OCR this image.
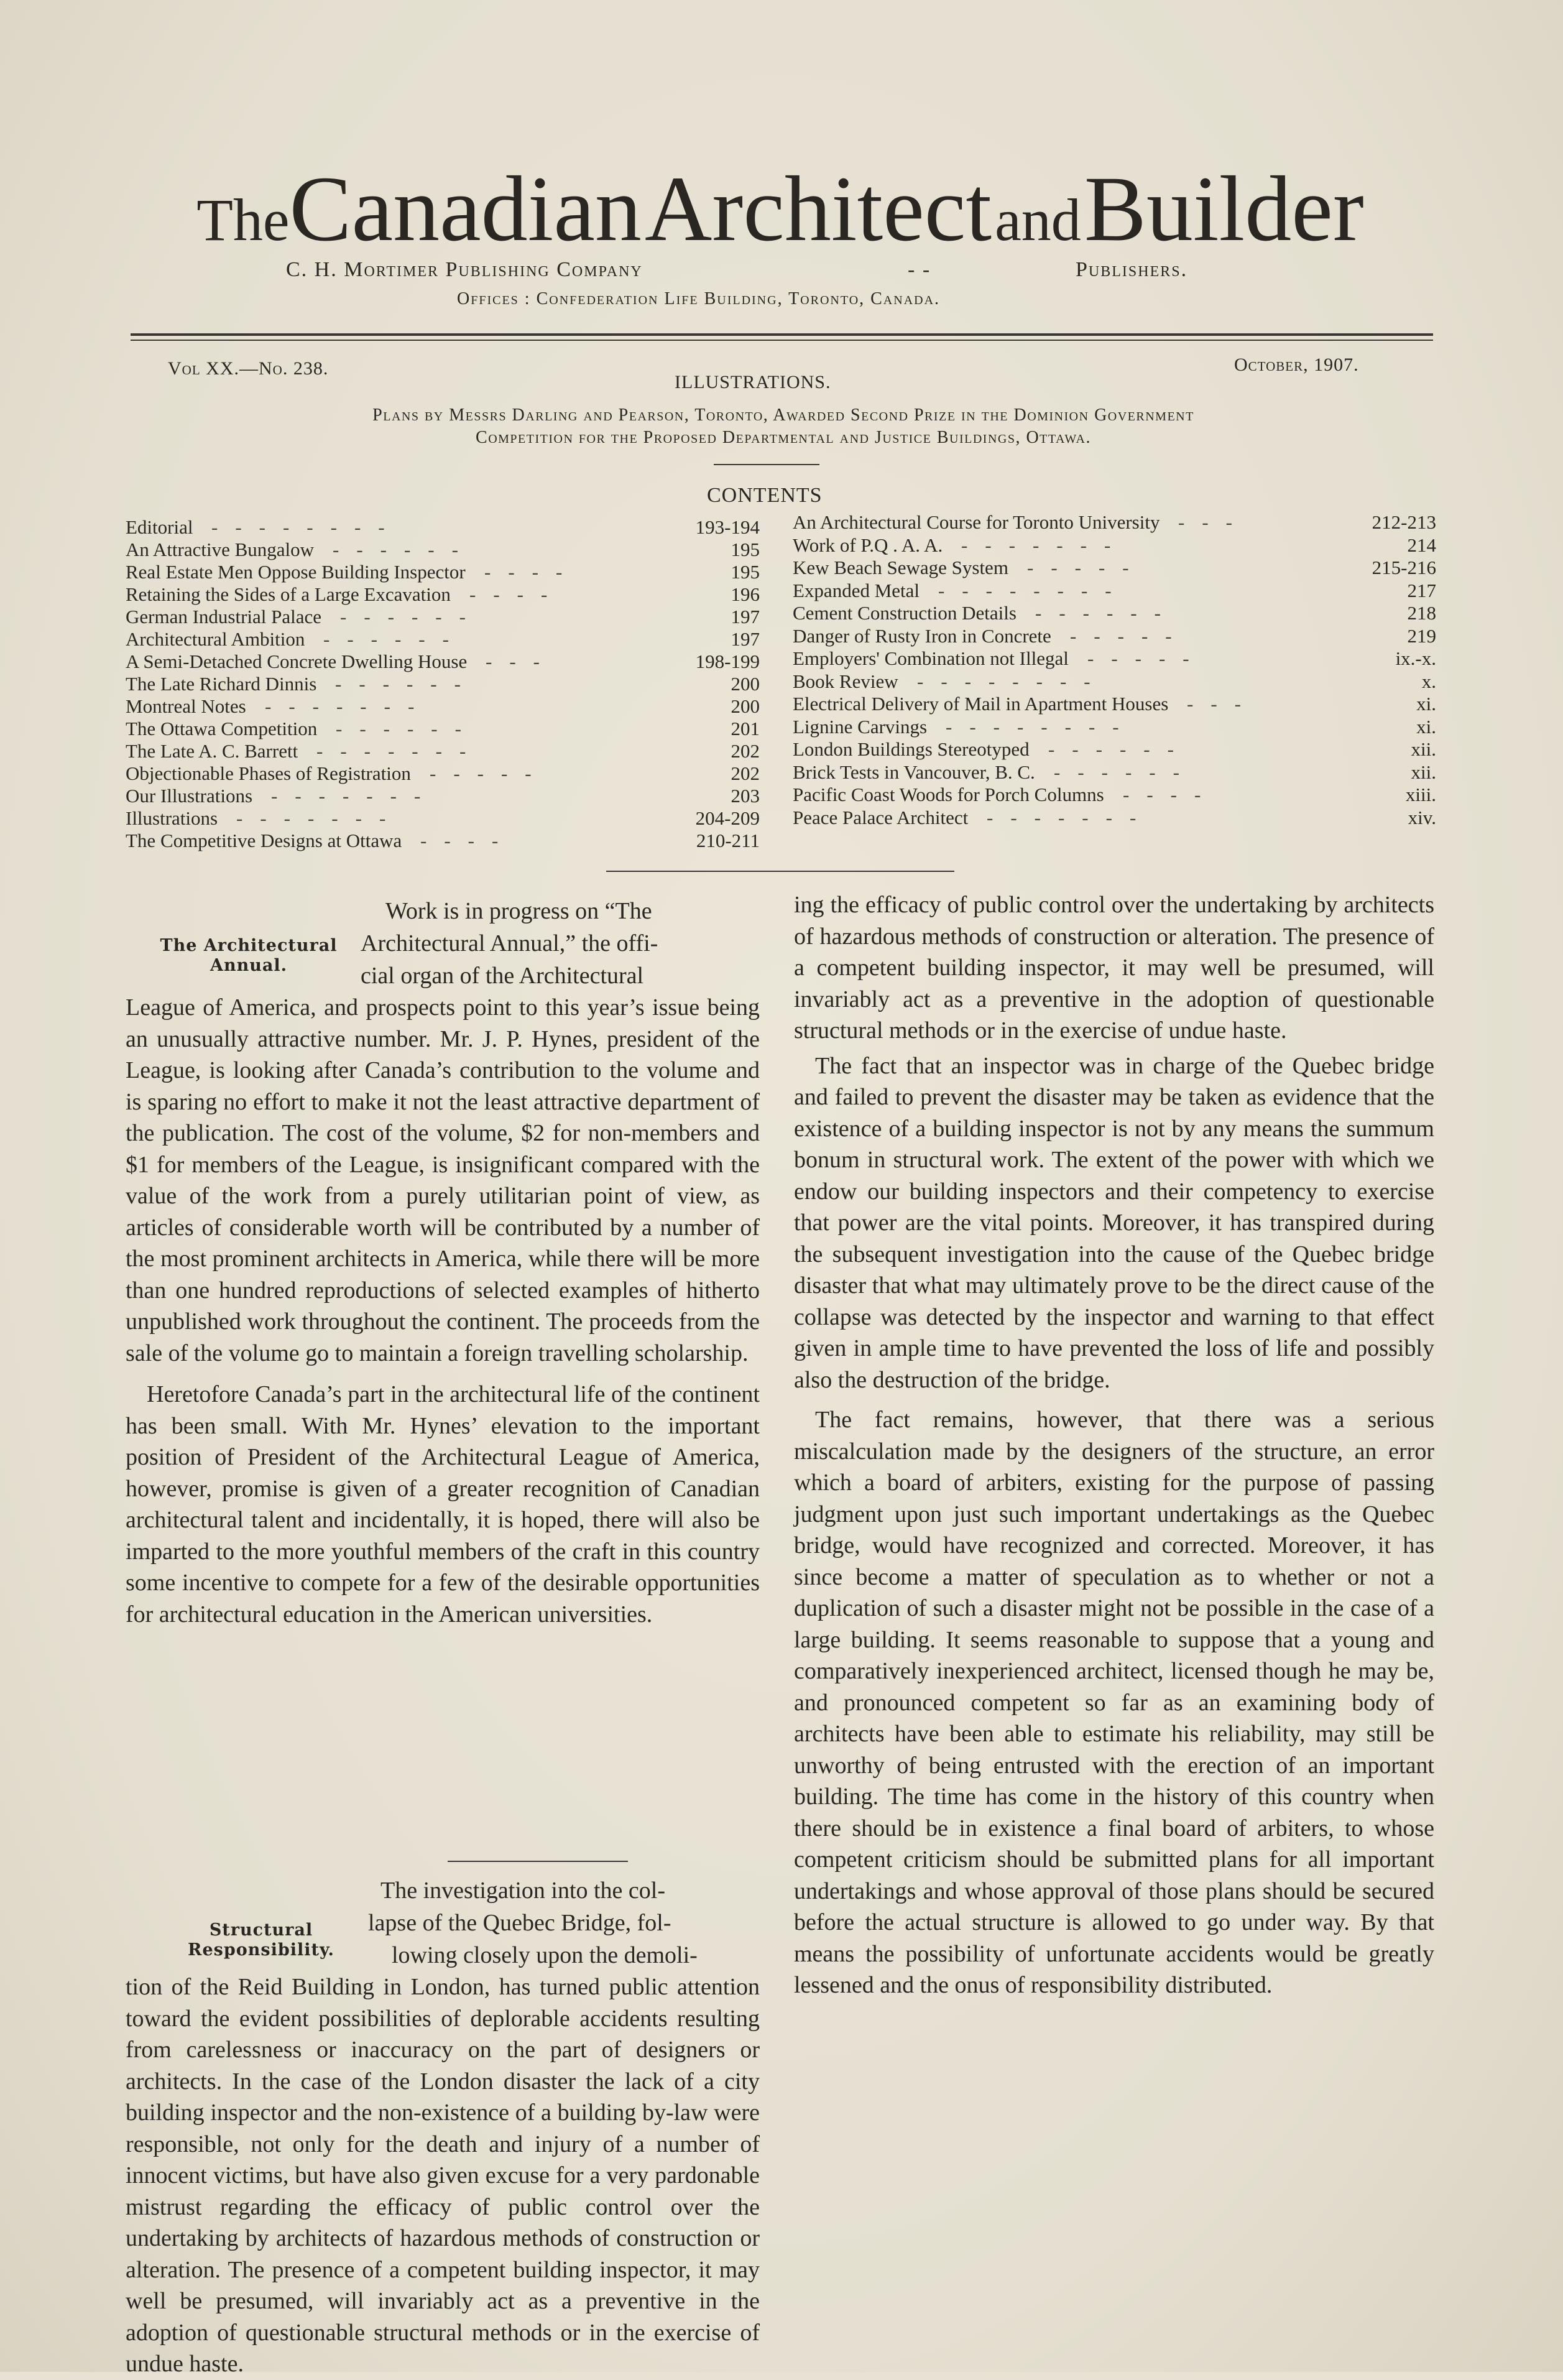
TheCanadian Architect and Builder
C. H. Mortimer Publishing Company	- -	Publishers.
Offices : Confederation Life Building, Toronto, Canada.
Vol XX.—No. 238.	October, 1907.
ILLUSTRATIONS.
Plans by Messrs Darling and Pearson, Toronto, Awarded Second Prize in the Dominion Government
Competition for the Proposed Departmental and Justice Buildings, Ottawa.
CONTENTS
Editorial --------	193-194
An Attractive Bungalow ------	195
Real Estate Men Oppose Building Inspector ----	195
Retaining the Sides of a Large Excavation ----	196
German Industrial Palace ------	197
Architectural Ambition ------	197
A Semi-Detached Concrete Dwelling House ---	198-199
The Late Richard Dinnis ------	200
Montreal Notes -------	200
The Ottawa Competition ------	201
The Late A. C. Barrett -------	202
Objectionable Phases of Registration -----	202
Our Illustrations -------	203
Illustrations -------	204-209
The Competitive Designs at Ottawa ----	210-211
An Architectural Course for Toronto University ---	212-213
Work of P.Q . A. A. -------	214
Kew Beach Sewage System -----	215-216
Expanded Metal --------	217
Cement Construction Details ------	218
Danger of Rusty Iron in Concrete -----	219
Employers' Combination not Illegal -----	ix.-x.
Book Review --------	x.
Electrical Delivery of Mail in Apartment Houses ---	xi.
Lignine Carvings --------	xi.
London Buildings Stereotyped ------	xii.
Brick Tests in Vancouver, B. C. ------	xii.
Pacific Coast Woods for Porch Columns ----	xiii.
Peace Palace Architect -------	xiv.
The Architectural
Annual.
Work is in progress on “The
Architectural Annual,” the offi-
cial organ of the Architectural

League of America, and prospects point to this year’s issue being an unusually attractive number. Mr. J. P. Hynes, president of the League, is looking after Canada’s contribution to the volume and is sparing no effort to make it not the least attractive department of the publication. The cost of the volume, $2 for non-members and $1 for members of the League, is insignificant compared with the value of the work from a purely utilitarian point of view, as articles of considerable worth will be contributed by a number of the most prominent architects in America, while there will be more than one hundred reproductions of selected examples of hitherto unpublished work throughout the continent. The proceeds from the sale of the volume go to maintain a foreign travelling scholarship.

Heretofore Canada’s part in the architectural life of the continent has been small. With Mr. Hynes’ elevation to the important position of President of the Architectural League of America, however, promise is given of a greater recognition of Canadian architectural talent and incidentally, it is hoped, there will also be imparted to the more youthful members of the craft in this country some incentive to compete for a few of the desirable opportunities for architectural education in the American universities.

Structural
Responsibility.
The investigation into the col-
lapse of the Quebec Bridge, fol-
lowing closely upon the demoli-

tion of the Reid Building in London, has turned public attention toward the evident possibilities of deplorable accidents resulting from carelessness or inaccuracy on the part of designers or architects. In the case of the London disaster the lack of a city building inspector and the non-existence of a building by-law were responsible, not only for the death and injury of a number of innocent victims, but have also given excuse for a very pardonable mistrust regarding the efficacy of public control over the undertaking by architects of hazardous methods of construction or alteration. The presence of a competent building inspector, it may well be presumed, will invariably act as a preventive in the adoption of questionable structural methods or in the exercise of undue haste.

ing the efficacy of public control over the undertaking by architects of hazardous methods of construction or alteration. The presence of a competent building inspector, it may well be presumed, will invariably act as a preventive in the adoption of questionable structural methods or in the exercise of undue haste.

The fact that an inspector was in charge of the Quebec bridge and failed to prevent the disaster may be taken as evidence that the existence of a building inspector is not by any means the summum bonum in structural work. The extent of the power with which we endow our building inspectors and their competency to exercise that power are the vital points. Moreover, it has transpired during the subsequent investigation into the cause of the Quebec bridge disaster that what may ultimately prove to be the direct cause of the collapse was detected by the inspector and warning to that effect given in ample time to have prevented the loss of life and possibly also the destruction of the bridge.

The fact remains, however, that there was a serious miscalculation made by the designers of the structure, an error which a board of arbiters, existing for the purpose of passing judgment upon just such important undertakings as the Quebec bridge, would have recognized and corrected. Moreover, it has since become a matter of speculation as to whether or not a duplication of such a disaster might not be possible in the case of a large building. It seems reasonable to suppose that a young and comparatively inexperienced architect, licensed though he may be, and pronounced competent so far as an examining body of architects have been able to estimate his reliability, may still be unworthy of being entrusted with the erection of an important building. The time has come in the history of this country when there should be in existence a final board of arbiters, to whose competent criticism should be submitted plans for all important undertakings and whose approval of those plans should be secured before the actual structure is allowed to go under way. By that means the possibility of unfortunate accidents would be greatly lessened and the onus of responsibility distributed.
